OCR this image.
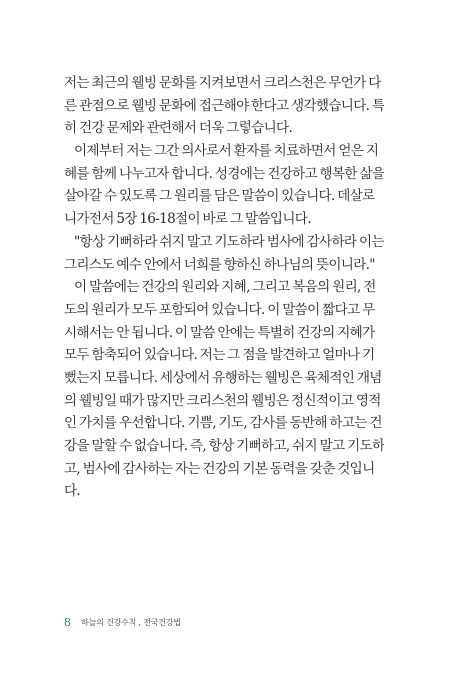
저는 최근의 웰빙 문화를 지켜보면서 크리스천은 무언가 다
른 관점으로 웰빙 문화에 접근해야 한다고 생각했습니다. 특
히 건강 문제와 관련해서 더욱 그렇습니다.
이제부터 저는 그간 의사로서 환자를 치료하면서 얻은 지
혜를 함께 나누고자 합니다. 성경에는 건강하고 행복한 삶을
살아갈 수 있도록 그 원리를 담은 말씀이 있습니다. 데살로
니가전서 5장 16-18절이 바로 그 말씀입니다.
"항상 기뻐하라 쉬지 말고 기도하라 범사에 감사하라 이는
그리스도 예수 안에서 너희를 향하신 하나님의 뜻이니라."
이 말씀에는 건강의 원리와 지혜, 그리고 복음의 원리, 전
도의 원리가 모두 포함되어 있습니다. 이 말씀이 짧다고 무
시해서는 안 됩니다. 이 말씀 안에는 특별히 건강의 지혜가
모두 함축되어 있습니다. 저는 그 점을 발견하고 얼마나 기
뻤는지 모릅니다. 세상에서 유행하는 웰빙은 육체적인 개념
의 웰빙일 때가 많지만 크리스천의 웰빙은 정신적이고 영적
인 가치를 우선합니다. 기쁨, 기도, 감사를 동반해 하고는 건
강을 말할 수 없습니다. 즉, 항상 기뻐하고, 쉬지 말고 기도하
고, 범사에 감사하는 자는 건강의 기본 동력을 갖춘 것입니
다.
8 하늘의 건강수칙 , 전국건강법
